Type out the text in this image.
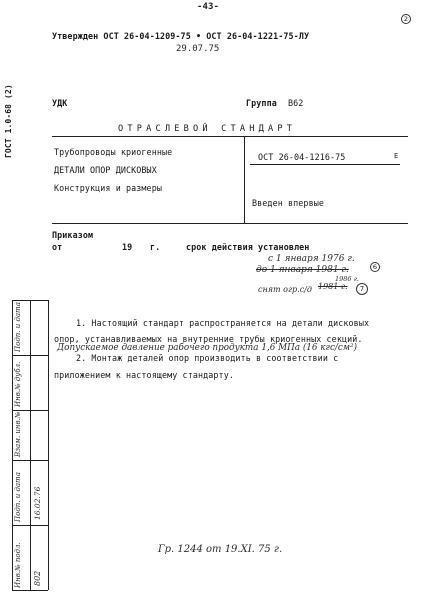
-43-
2
Утвержден ОСТ 26-04-1209-75 • ОСТ 26-04-1221-75-ЛУ
29.07.75
ГОСТ 1.0-68 (2)	УДК	Группа В62
ОТРАСЛЕВОЙ СТАНДАРТ
Трубопроводы криогенные
ДЕТАЛИ ОПОР ДИСКОВЫХ
Конструкция и размеры
ОСТ 26-04-1216-75	Е
Введен впервые
Приказом
от	19 г.	срок действия установлен
с 1 января 1976 г.
до 1 января 1981 г.
1986 г.
снят огр.с/д 1981 г.
6
7
1. Настоящий стандарт распространяется на детали дисковых
опор, устанавливаемых на внутренние трубы криогенных секций.
Допускаемое давление рабочего продукта 1,6 МПа (16 кгс/см²)
2. Монтаж деталей опор производить в соответствии с
приложением к настоящему стандарту.
Гр. 1244 от 19.XI. 75 г.
Подп. и дата
Инв.№ дубл.
Взам. инв.№
Подп. и дата
Инв.№ подл.
16.02.76
802
